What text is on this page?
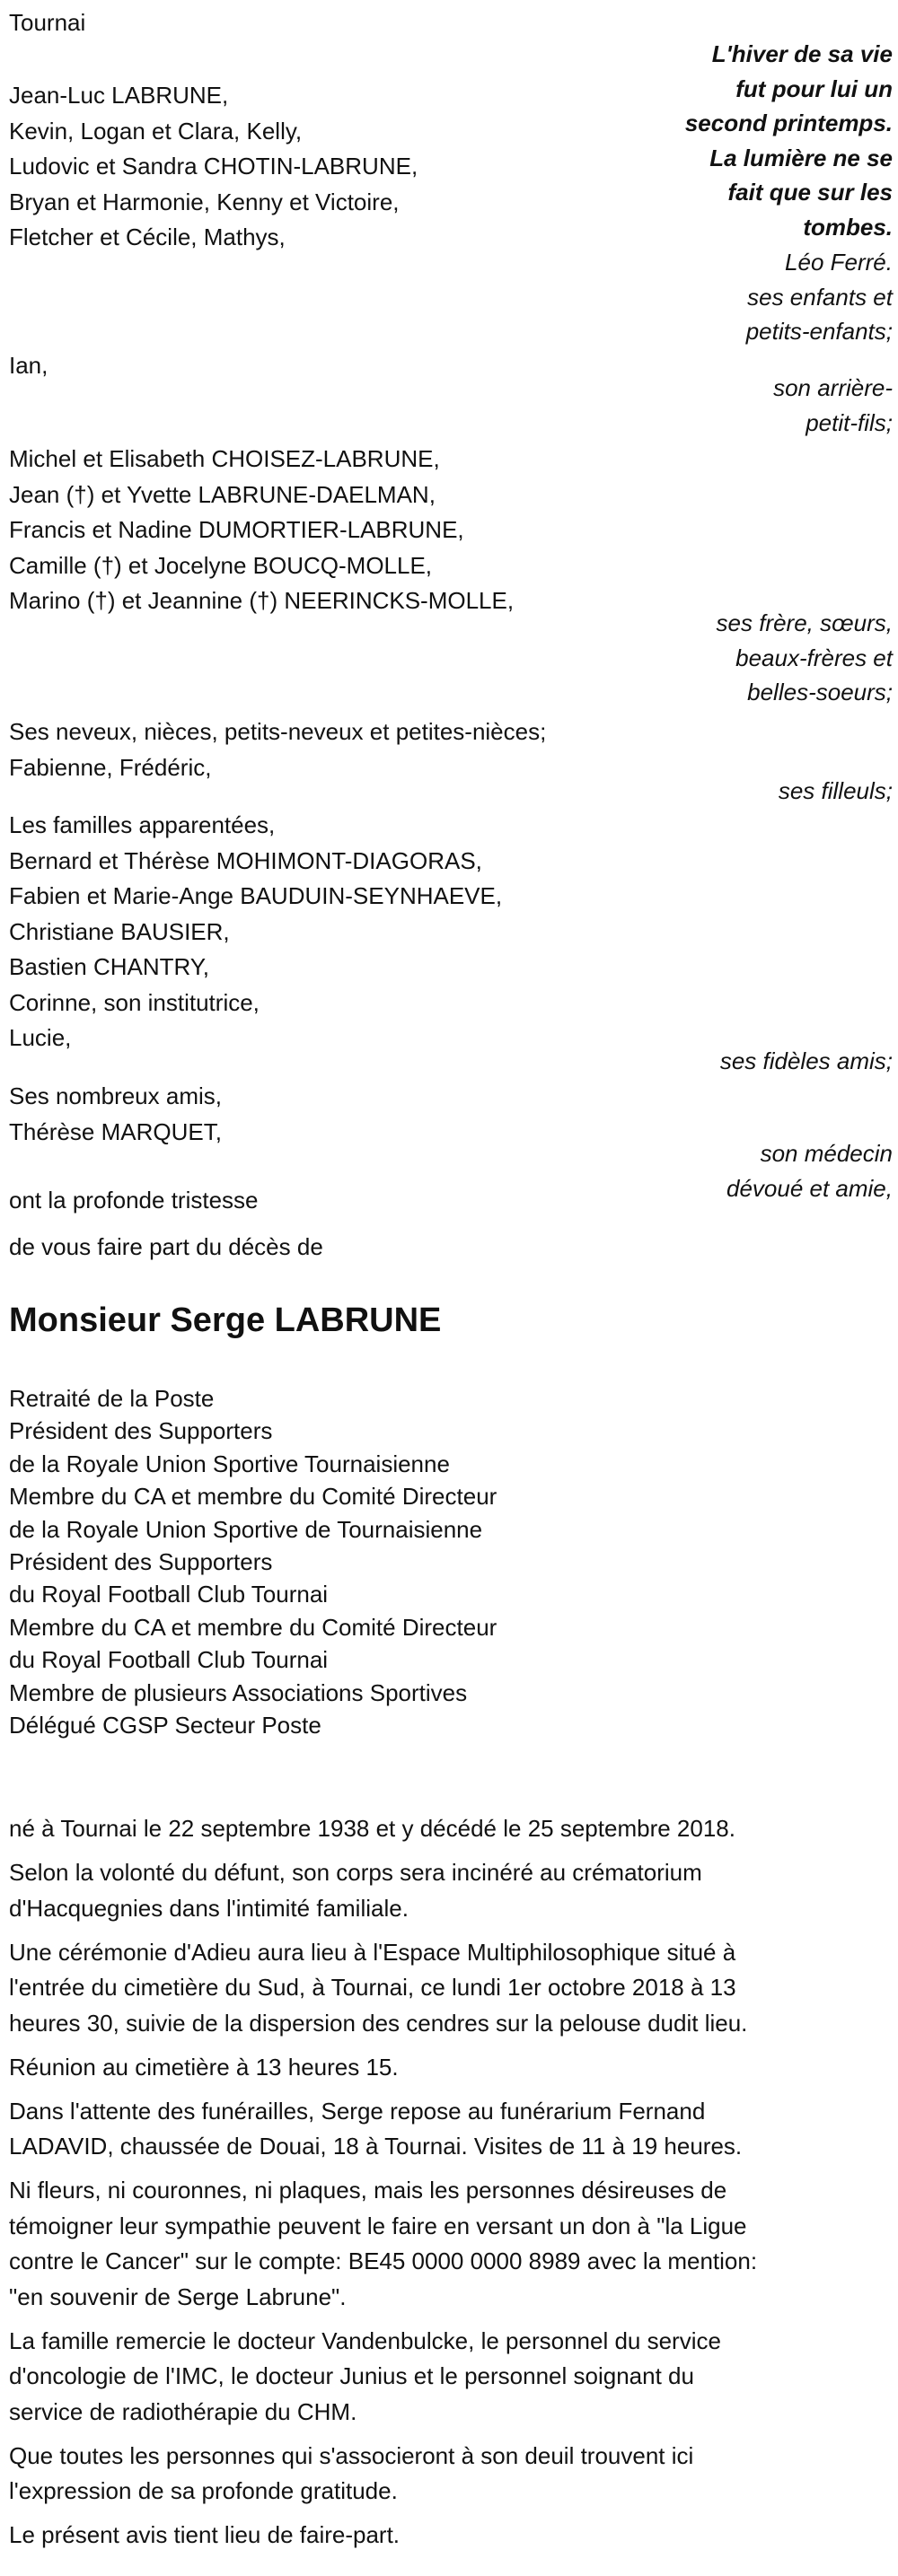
Tournai
L'hiver de sa vie
fut pour lui un
second printemps.
La lumière ne se
fait que sur les
tombes.
Léo Ferré.
ses enfants et
petits-enfants;
Jean-Luc LABRUNE,
Kevin, Logan et Clara, Kelly,
Ludovic et Sandra CHOTIN-LABRUNE,
Bryan et Harmonie, Kenny et Victoire,
Fletcher et Cécile, Mathys,
Ian,
son arrière-
petit-fils;
Michel et Elisabeth CHOISEZ-LABRUNE,
Jean (†) et Yvette LABRUNE-DAELMAN,
Francis et Nadine DUMORTIER-LABRUNE,
Camille (†) et Jocelyne BOUCQ-MOLLE,
Marino (†) et Jeannine (†) NEERINCKS-MOLLE,
ses frère, sœurs,
beaux-frères et
belles-soeurs;
Ses neveux, nièces, petits-neveux et petites-nièces;
Fabienne, Frédéric,
ses filleuls;
Les familles apparentées,
Bernard et Thérèse MOHIMONT-DIAGORAS,
Fabien et Marie-Ange BAUDUIN-SEYNHAEVE,
Christiane BAUSIER,
Bastien CHANTRY,
Corinne, son institutrice,
Lucie,
ses fidèles amis;
Ses nombreux amis,
Thérèse MARQUET,
son médecin
dévoué et amie,
ont la profonde tristesse
de vous faire part du décès de
Monsieur Serge LABRUNE
Retraité de la Poste
Président des Supporters
de la Royale Union Sportive Tournaisienne
Membre du CA et membre du Comité Directeur
de la Royale Union Sportive de Tournaisienne
Président des Supporters
du Royal Football Club Tournai
Membre du CA et membre du Comité Directeur
du Royal Football Club Tournai
Membre de plusieurs Associations Sportives
Délégué CGSP Secteur Poste

né à Tournai le 22 septembre 1938 et y décédé le 25 septembre 2018.

Selon la volonté du défunt, son corps sera incinéré au crématorium
d'Hacquegnies dans l'intimité familiale.

Une cérémonie d'Adieu aura lieu à l'Espace Multiphilosophique situé à
l'entrée du cimetière du Sud, à Tournai, ce lundi 1er octobre 2018 à 13
heures 30, suivie de la dispersion des cendres sur la pelouse dudit lieu.

Réunion au cimetière à 13 heures 15.

Dans l'attente des funérailles, Serge repose au funérarium Fernand
LADAVID, chaussée de Douai, 18 à Tournai. Visites de 11 à 19 heures.

Ni fleurs, ni couronnes, ni plaques, mais les personnes désireuses de
témoigner leur sympathie peuvent le faire en versant un don à "la Ligue
contre le Cancer" sur le compte: BE45 0000 0000 8989 avec la mention:
"en souvenir de Serge Labrune".

La famille remercie le docteur Vandenbulcke, le personnel du service
d'oncologie de l'IMC, le docteur Junius et le personnel soignant du
service de radiothérapie du CHM.

Que toutes les personnes qui s'associeront à son deuil trouvent ici
l'expression de sa profonde gratitude.

Le présent avis tient lieu de faire-part.
